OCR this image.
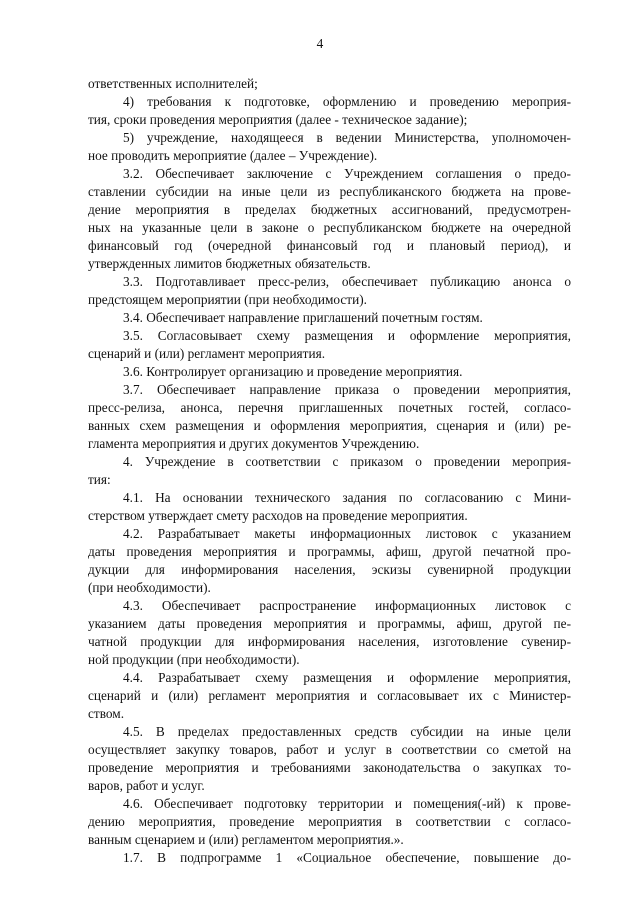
4
ответственных исполнителей;
4) требования к подготовке, оформлению и проведению мероприя-
тия, сроки проведения мероприятия (далее - техническое задание);
5) учреждение, находящееся в ведении Министерства, уполномочен-
ное проводить мероприятие (далее – Учреждение).
3.2. Обеспечивает заключение с Учреждением соглашения о предо-
ставлении субсидии на иные цели из республиканского бюджета на прове-
дение мероприятия в пределах бюджетных ассигнований, предусмотрен-
ных на указанные цели в законе о республиканском бюджете на очередной
финансовый год (очередной финансовый год и плановый период), и
утвержденных лимитов бюджетных обязательств.
3.3. Подготавливает пресс-релиз, обеспечивает публикацию анонса о
предстоящем мероприятии (при необходимости).
3.4. Обеспечивает направление приглашений почетным гостям.
3.5. Согласовывает схему размещения и оформление мероприятия,
сценарий и (или) регламент мероприятия.
3.6. Контролирует организацию и проведение мероприятия.
3.7. Обеспечивает направление приказа о проведении мероприятия,
пресс-релиза, анонса, перечня приглашенных почетных гостей, согласо-
ванных схем размещения и оформления мероприятия, сценария и (или) ре-
гламента мероприятия и других документов Учреждению.
4. Учреждение в соответствии с приказом о проведении мероприя-
тия:
4.1. На основании технического задания по согласованию с Мини-
стерством утверждает смету расходов на проведение мероприятия.
4.2. Разрабатывает макеты информационных листовок с указанием
даты проведения мероприятия и программы, афиш, другой печатной про-
дукции для информирования населения, эскизы сувенирной продукции
(при необходимости).
4.3. Обеспечивает распространение информационных листовок с
указанием даты проведения мероприятия и программы, афиш, другой пе-
чатной продукции для информирования населения, изготовление сувенир-
ной продукции (при необходимости).
4.4. Разрабатывает схему размещения и оформление мероприятия,
сценарий и (или) регламент мероприятия и согласовывает их с Министер-
ством.
4.5. В пределах предоставленных средств субсидии на иные цели
осуществляет закупку товаров, работ и услуг в соответствии со сметой на
проведение мероприятия и требованиями законодательства о закупках то-
варов, работ и услуг.
4.6. Обеспечивает подготовку территории и помещения(-ий) к прове-
дению мероприятия, проведение мероприятия в соответствии с согласо-
ванным сценарием и (или) регламентом мероприятия.».
1.7. В подпрограмме 1 «Социальное обеспечение, повышение до-
